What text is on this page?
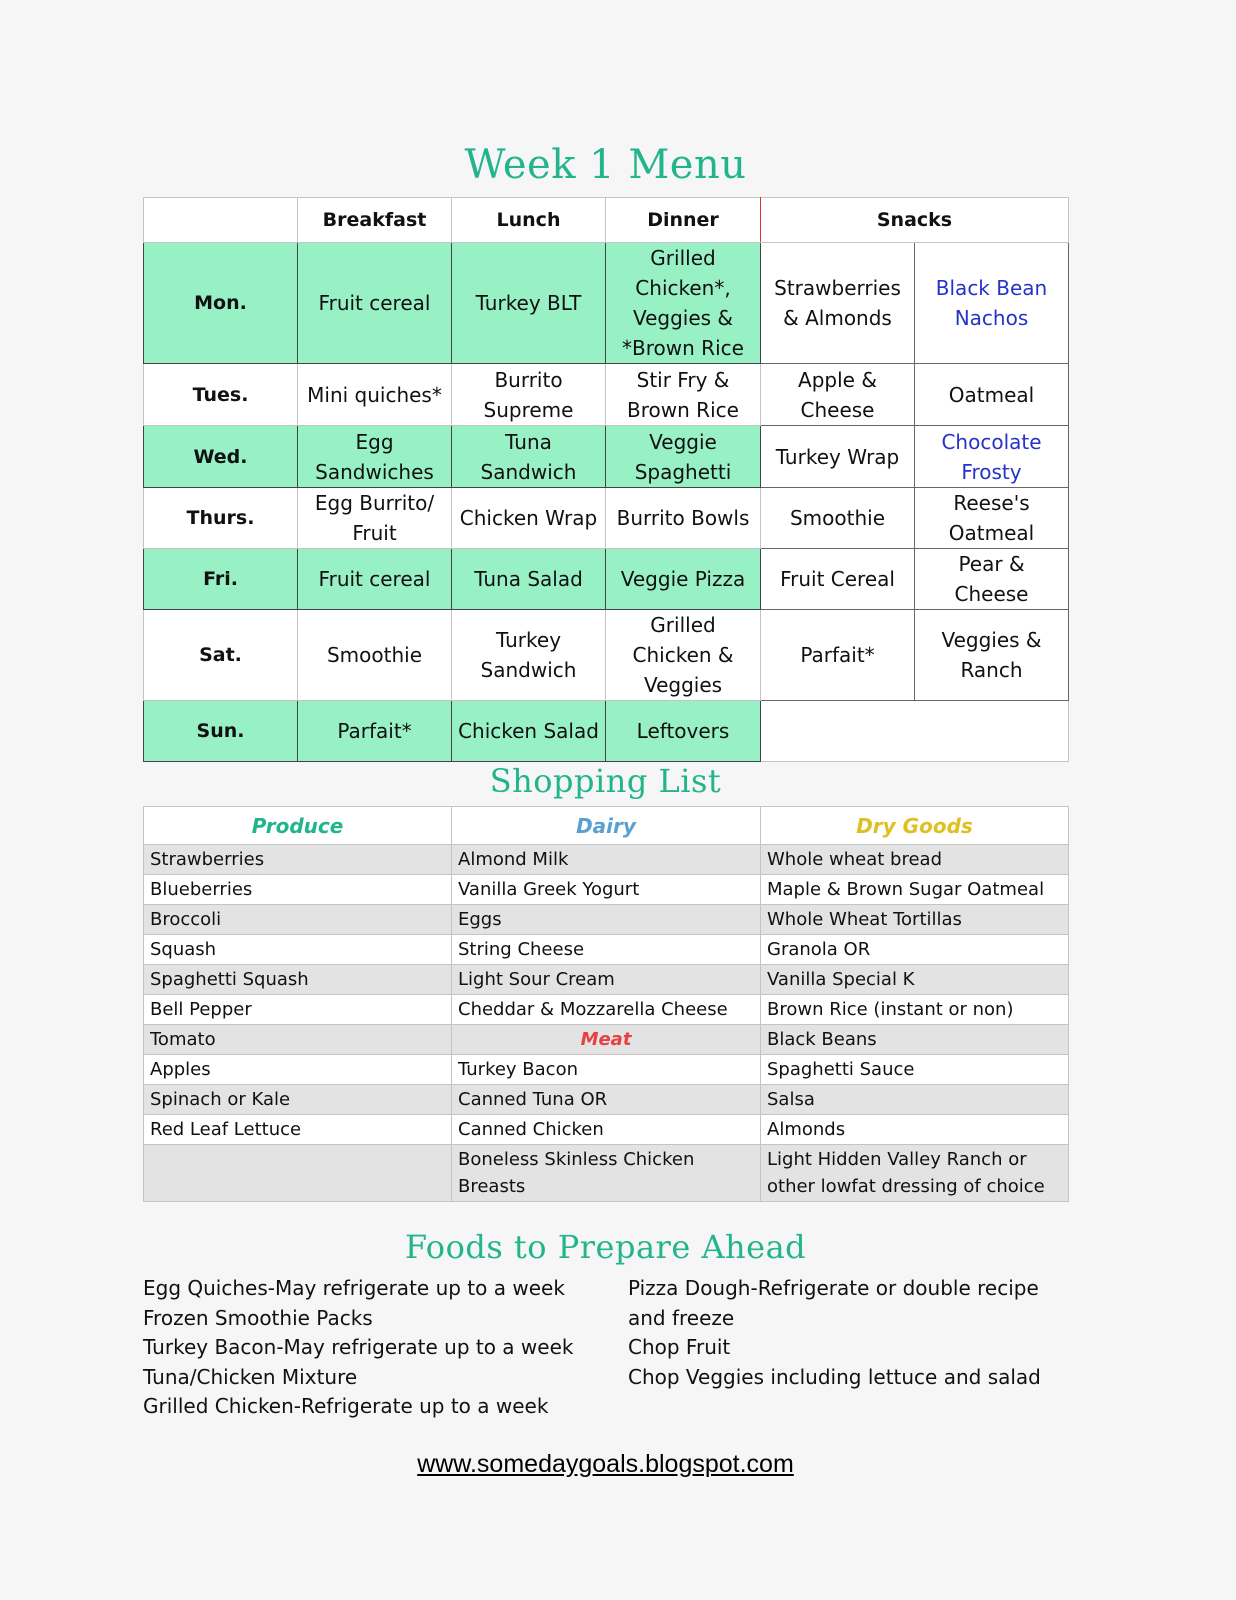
Week 1 Menu
	Breakfast	Lunch	Dinner	Snacks	
Mon.	Fruit cereal	Turkey BLT	Grilled Chicken*, Veggies & *Brown Rice	Strawberries & Almonds	Black Bean Nachos
Tues.	Mini quiches*	Burrito Supreme	Stir Fry & Brown Rice	Apple & Cheese	Oatmeal
Wed.	Egg Sandwiches	Tuna Sandwich	Veggie Spaghetti	Turkey Wrap	Chocolate Frosty
Thurs.	Egg Burrito/ Fruit	Chicken Wrap	Burrito Bowls	Smoothie	Reese's Oatmeal
Fri.	Fruit cereal	Tuna Salad	Veggie Pizza	Fruit Cereal	Pear & Cheese
Sat.	Smoothie	Turkey Sandwich	Grilled Chicken & Veggies	Parfait*	Veggies & Ranch
Sun.	Parfait*	Chicken Salad	Leftovers		
Shopping List
Produce	Dairy	Dry Goods
Strawberries	Almond Milk	Whole wheat bread
Blueberries	Vanilla Greek Yogurt	Maple & Brown Sugar Oatmeal
Broccoli	Eggs	Whole Wheat Tortillas
Squash	String Cheese	Granola OR
Spaghetti Squash	Light Sour Cream	Vanilla Special K
Bell Pepper	Cheddar & Mozzarella Cheese	Brown Rice (instant or non)
Tomato	Meat	Black Beans
Apples	Turkey Bacon	Spaghetti Sauce
Spinach or Kale	Canned Tuna OR	Salsa
Red Leaf Lettuce	Canned Chicken	Almonds
	Boneless Skinless Chicken Breasts	Light Hidden Valley Ranch or other lowfat dressing of choice
Foods to Prepare Ahead
Egg Quiches-May refrigerate up to a week
Frozen Smoothie Packs
Turkey Bacon-May refrigerate up to a week
Tuna/Chicken Mixture
Grilled Chicken-Refrigerate up to a week
Pizza Dough-Refrigerate or double recipe
and freeze
Chop Fruit
Chop Veggies including lettuce and salad
www.somedaygoals.blogspot.com
